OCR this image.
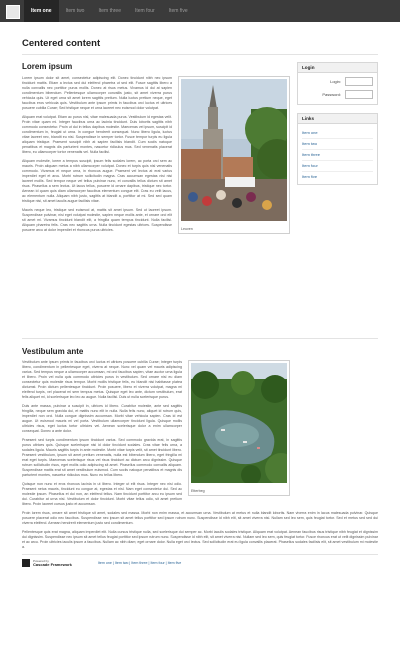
Item one	Item two	Item three	Item four	Item five
Centered content
Lorem ipsum
Leuven

Lorem ipsum dolor sit amet, consectetur adipiscing elit. Donec tincidunt nibh nec ipsum tincidunt mattis. Etiam a lectus sed dui eleifend pharetra ut sed elit. Fusce sagittis libero a nulla convallis nec porttitor purus mollis. Donec at risus metus. Vivamus id dui at sapien condimentum bibendum. Pellentesque ullamcorper convallis justo, sit amet viverra purus vehicula quis. Ut eget urna sit amet lorem sagittis pretium. Nulla luctus pretium neque, eget faucibus eros vehicula quis. Vestibulum ante ipsum primis in faucibus orci luctus et ultrices posuere cubilia Curae; Sed tristique neque et urna laoreet nec euismod dolor volutpat.

Aliquam erat volutpat. Etiam ac purus nisl, vitae malesuada purus. Vestibulum id egestas velit. Proin vitae quam mi. Integer faucibus urna ac lacinia tincidunt. Duis lobortis sagittis nibh commodo consectetur. Proin ut dui in tellus dapibus molestie. Maecenas vel ipsum, suscipit id condimentum in, feugiat ut urna. In congue hendrerit consequat. Nunc libero ligula, luctus vitae laoreet nec, blandit eu nisi. Suspendisse in semper tortor. Fusce tempor turpis eu ligula aliquam tristique. Praesent suscipit nibh at sapien facilisis blandit. Cum sociis natoque penatibus et magnis dis parturient montes, nascetur ridiculus mus. Sed venenatis placerat libero, eu ullamcorper tortor venenatis vel. Nulla facilisi.

Aliquam molestie, lorem a tempus suscipit, ipsum felis sodales lorem, ac porta orci sem ac mauris. Proin aliquam metus a nibh ullamcorper volutpat. Donec et turpis quis nisl venenatis commodo. Vivamus et neque urna, in rhoncus augue. Praesent vel lectus at erat varius imperdiet eget et arcu. Morbi rutrum sollicitudin magna. Cras accumsan egestas nisi nisi laoreet mollis. Sed tempor neque vel tellus pulvinar nunc, et convallis tellus dictum sit amet risus. Phasellus a sem lectus. Ut lacus tellus, posuere id ornare dapibus, tristique nec tortor. Aenean id quam quis diam ullamcorper faucibus elementum congue elit. Cras eu velit lacus, ac elementum nulla. Aliquam nibh justo, sagittis at blandit a, porttitor at mi. Sed sed quam tristique nisi, sit amet iaculis augue facilisis vitae.

Mauris neque leo, tristique sed euismod at, mattis sit amet ipsum. Sed ut laoreet ipsum. Suspendisse pulvinar, nisi eget volutpat molestie, sapien neque mollis ante, et ornare orci elit sit amet mi. Vivamus tincidunt blandit elit, a fringilla quam tempus tincidunt. Nulla facilisi. Aliquam pharetra felis. Cras nec sagittis urna. Nulla tincidunt egestas ultrices. Suspendisse posuere arcu at dolor imperdiet et rhoncus purus ultricies.

Login
Login:
Password:
Links
Item one
Item two
Item three
Item four
Item five
Vestibulum ante
Etterbeg

Vestibulum ante ipsum primis in faucibus orci luctus et ultrices posuere cubilia Curae; Integer turpis libero, condimentum in pellentesque eget, viverra at neque. Nunc vel quam vel mauris adipiscing varius. Sed tempus neque a ullamcorper accumsan, mi orci faucibus sapien, vitae auctor urna ligula et libero. Proin vel nulla quis commodo ultricies purus in vestibulum. Sed ornare nisl eu diam consectetur quis molestie risus tempor. Morbi mollis tristique felis, eu blandit nisi habitasse platea dictumst. Proin dictum pellentesque tincidunt. Proin posuere, libero et viverra volutpat, magna mi eleifend turpis, vel placerat mi sem tempus metus. Quisque eget leo ante, dictum vestibulum, erat felis aliquet mi, id scelerisque leo leo ac augue. Nulla facilisi. Duis ut nulla scelerisque purus.

Duis ante massa, pulvinar a suscipit in, ultrices id libero. Curabitur molestie, ante sed sagittis fringilla, neque sem gravida dui, et mattis nunc elit in nulla. Nulla felis nunc, aliquet id rutrum quis, imperdiet non orci. Nulla congue dignissim accumsan. Morbi vitae vehicula sapien. Cras id est augue. Ut euismod mauris mi vel porta. Vestibulum ullamcorper tincidunt ligula. Quisque mollis ultricies risus, eget luctus tortor ultricies vel. Aenean scelerisque dolor a enim ullamcorper consequat. Donec a ante dolor.

Praesent sed turpis condimentum ipsum tincidunt varius. Sed commodo gravida erat, in sagittis purus ultrices quis. Quisque scelerisque nisi id dolor tincidunt sodales. Cras vitae felis urna, a sodales ligula. Mauris sagittis turpis in ante molestie. Morbi vitae turpis velit, sit amet tincidunt libero. Praesent vestibulum, ipsum sit amet pretium venenatis, nulla est bibendum libero, eget fringilla mi erat eget turpis. Maecenas scelerisque risus vel risus tincidunt ac dictum arcu dignissim. Quisque rutrum sollicitudin risus, eget mollis odio adipiscing sit amet. Phasellus commodo convallis aliquam. Suspendisse mattis erat sit amet vestibulum euismod. Cum sociis natoque penatibus et magnis dis parturient montes, nascetur ridiculus mus. Nunc eu tellus libero.

Quisque non nunc et eros rhoncus lacinia in ut libero. Integer ut elit risus. Integer nec nisi odio. Praesent netus mauris, tincidunt eu congue at, egestas et nisl. Nam eget consectetur dui. Sed ac molestie ipsum. Phasellus et dui non, an eleifend tellus. Nam tincidunt porttitor arcu eu ipsum sed dui. Curabitur at urna nisl. Vestibulum et dolor tincidunt. Morbi vitae tellus odio, sit amet pretium libero. Proin laoreet cursus justo et accumsan.

Proin lorem risus, ornare sit amet tristique sit amet, sodales sed massa. Morbi non enim massa, et accumsan urna. Vestibulum at metus et nulla blandit lobortis. Nam viverra enim in lacus malesuada pulvinar. Quisque posuere placerat odio nec faucibus. Suspendisse nec ipsum sit amet tellus porttitor sed ipsum rutrum nunc. Suspendisse id nibh elit, sit amet viverra nisi. Nullam sed leo sem, quis feugiat tortor. Sed et metus sed sed dui viverra eleifend. Aenean hendrerit elementum justo sed condimentum.

Pellentesque quis erat magna, aliquam imperdiet elit. Nulla cursus tristique nulla, sed scelerisque dui semper ac. Morbi iaculis sodales tristique. Aliquam erat volutpat. Aenean faucibus risus tristique nibh feugiat et dignissim dui dignissim. Suspendisse nec ipsum sit amet tellus feugiat porttitor sed ipsum rutrum nunc. Suspendisse id nibh elit, sit amet viverra nisi. Nullam sed leo sem, quis feugiat tortor. Fusce rhoncus erat ut velit dignissim pulvinar et ac arcu. Proin ultricies iaculis ipsum a faucibus. Nullam ac nibh diam; eget ornare dolor. Nulla eget orci lectus. Sed sollicitudin erat eu ligula convallis placerat. Phasellus sodales facilisis elit, sit amet vestibulum mi molestie a.

Powered by
Cascade Framework	Item one | Item two | Item three | Item four | Item five
